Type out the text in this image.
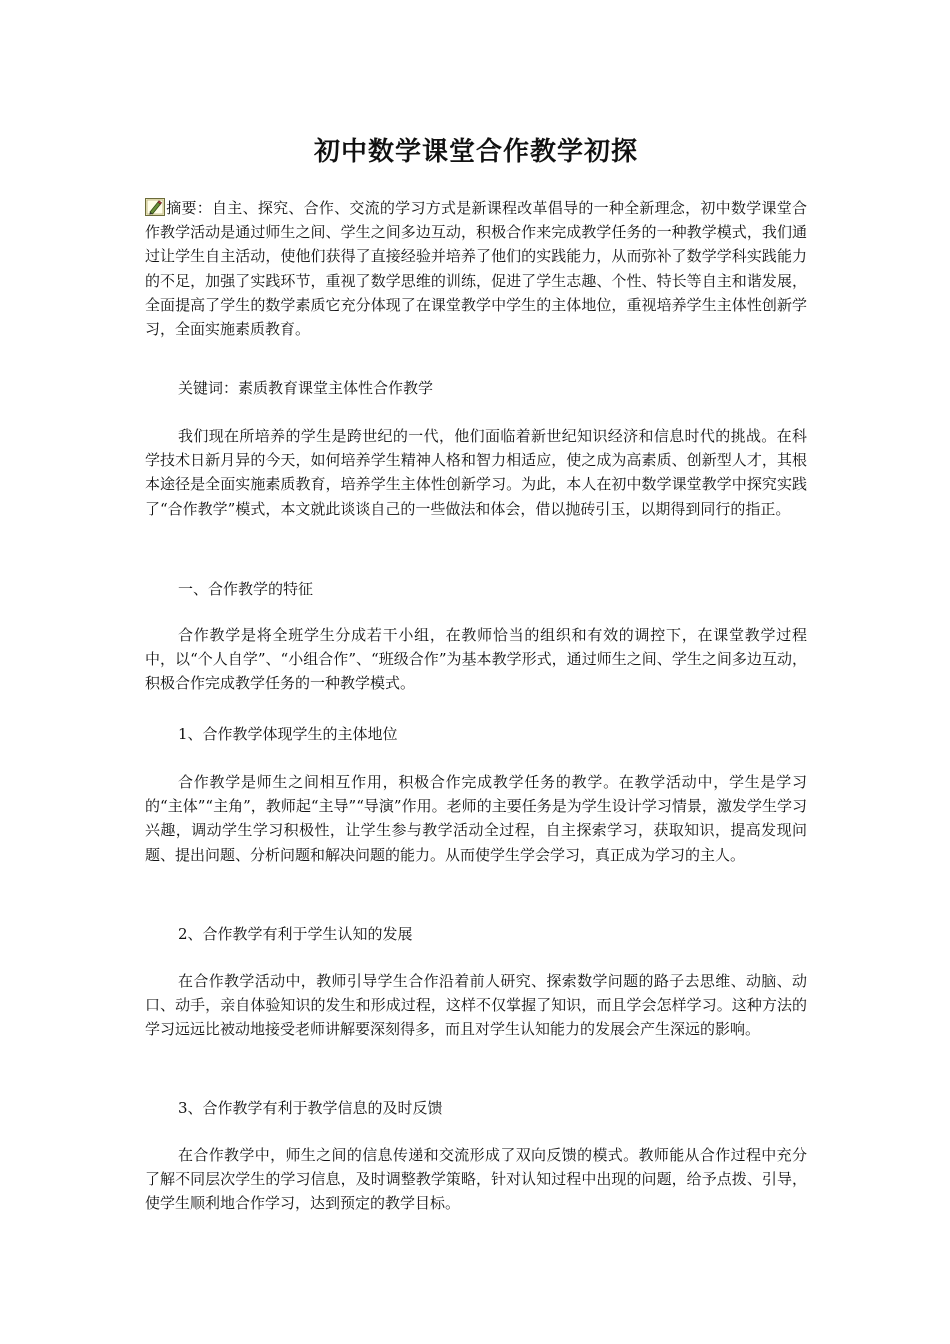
初中数学课堂合作教学初探

摘要：自主、探究、合作、交流的学习方式是新课程改革倡导的一种全新理念，初中数学课堂合作教学活动是通过师生之间、学生之间多边互动，积极合作来完成教学任务的一种教学模式，我们通过让学生自主活动，使他们获得了直接经验并培养了他们的实践能力，从而弥补了数学学科实践能力的不足，加强了实践环节，重视了数学思维的训练，促进了学生志趣、个性、特长等自主和谐发展，全面提高了学生的数学素质它充分体现了在课堂教学中学生的主体地位，重视培养学生主体性创新学习，全面实施素质教育。

关键词：素质教育课堂主体性合作教学

我们现在所培养的学生是跨世纪的一代，他们面临着新世纪知识经济和信息时代的挑战。在科学技术日新月异的今天，如何培养学生精神人格和智力相适应，使之成为高素质、创新型人才，其根本途径是全面实施素质教育，培养学生主体性创新学习。为此，本人在初中数学课堂教学中探究实践了“合作教学”模式，本文就此谈谈自己的一些做法和体会，借以抛砖引玉，以期得到同行的指正。

一、合作教学的特征

合作教学是将全班学生分成若干小组，在教师恰当的组织和有效的调控下，在课堂教学过程中，以“个人自学”、“小组合作”、“班级合作”为基本教学形式，通过师生之间、学生之间多边互动，积极合作完成教学任务的一种教学模式。

1、合作教学体现学生的主体地位

合作教学是师生之间相互作用，积极合作完成教学任务的教学。在教学活动中，学生是学习的“主体”“主角”，教师起“主导”“导演”作用。老师的主要任务是为学生设计学习情景，激发学生学习兴趣，调动学生学习积极性，让学生参与教学活动全过程，自主探索学习，获取知识，提高发现问题、提出问题、分析问题和解决问题的能力。从而使学生学会学习，真正成为学习的主人。

2、合作教学有利于学生认知的发展

在合作教学活动中，教师引导学生合作沿着前人研究、探索数学问题的路子去思维、动脑、动口、动手，亲自体验知识的发生和形成过程，这样不仅掌握了知识，而且学会怎样学习。这种方法的学习远远比被动地接受老师讲解要深刻得多，而且对学生认知能力的发展会产生深远的影响。

3、合作教学有利于教学信息的及时反馈

在合作教学中，师生之间的信息传递和交流形成了双向反馈的模式。教师能从合作过程中充分了解不同层次学生的学习信息，及时调整教学策略，针对认知过程中出现的问题，给予点拨、引导，使学生顺利地合作学习，达到预定的教学目标。
